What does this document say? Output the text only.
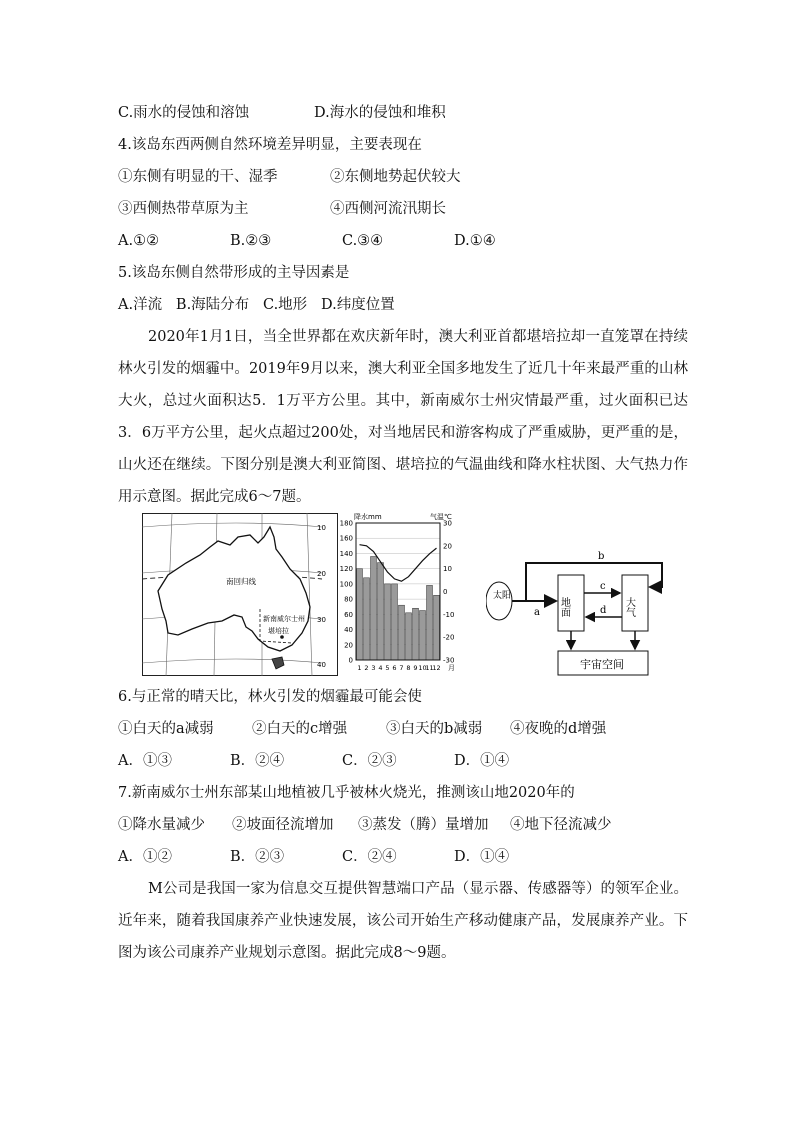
C.雨水的侵蚀和溶蚀	D.海水的侵蚀和堆积
4.该岛东西两侧自然环境差异明显，主要表现在
①东侧有明显的干、湿季	②东侧地势起伏较大
③西侧热带草原为主	④西侧河流汛期长
A.①②	B.②③	C.③④	D.①④
5.该岛东侧自然带形成的主导因素是
A.洋流   B.海陆分布   C.地形   D.纬度位置
2020年1月1日，当全世界都在欢庆新年时，澳大利亚首都堪培拉却一直笼罩在持续林火引发的烟霾中。2019年9月以来，澳大利亚全国多地发生了近几十年来最严重的山林大火，总过火面积达5．1万平方公里。其中，新南威尔士州灾情最严重，过火面积已达3．6万平方公里，起火点超过200处，对当地居民和游客构成了严重威胁，更严重的是，山火还在继续。下图分别是澳大利亚简图、堪培拉的气温曲线和降水柱状图、大气热力作用示意图。据此完成6～7题。
南回归线
新南威尔士州
堪培拉
10
20
30
40
降水mm	气温℃
180
160
140
120
100
80
60
40
20
0
30
20
10
0
-10
-20
-30
1 2 3 4 5 6 7 8 9 10
11
12 月
太阳
地面	大气
宇宙空间
a
b
c
d
6.与正常的晴天比，林火引发的烟霾最可能会使
①白天的a减弱	②白天的c增强	③白天的b减弱 ④夜晚的d增强
A．①③	B．②④	C．②③	D．①④
7.新南威尔士州东部某山地植被几乎被林火烧光，推测该山地2020年的
①降水量减少 ②坡面径流增加 ③蒸发（腾）量增加 ④地下径流减少
A．①②	B．②③	C．②④	D．①④
M公司是我国一家为信息交互提供智慧端口产品（显示器、传感器等）的领军企业。近年来，随着我国康养产业快速发展，该公司开始生产移动健康产品，发展康养产业。下图为该公司康养产业规划示意图。据此完成8～9题。
